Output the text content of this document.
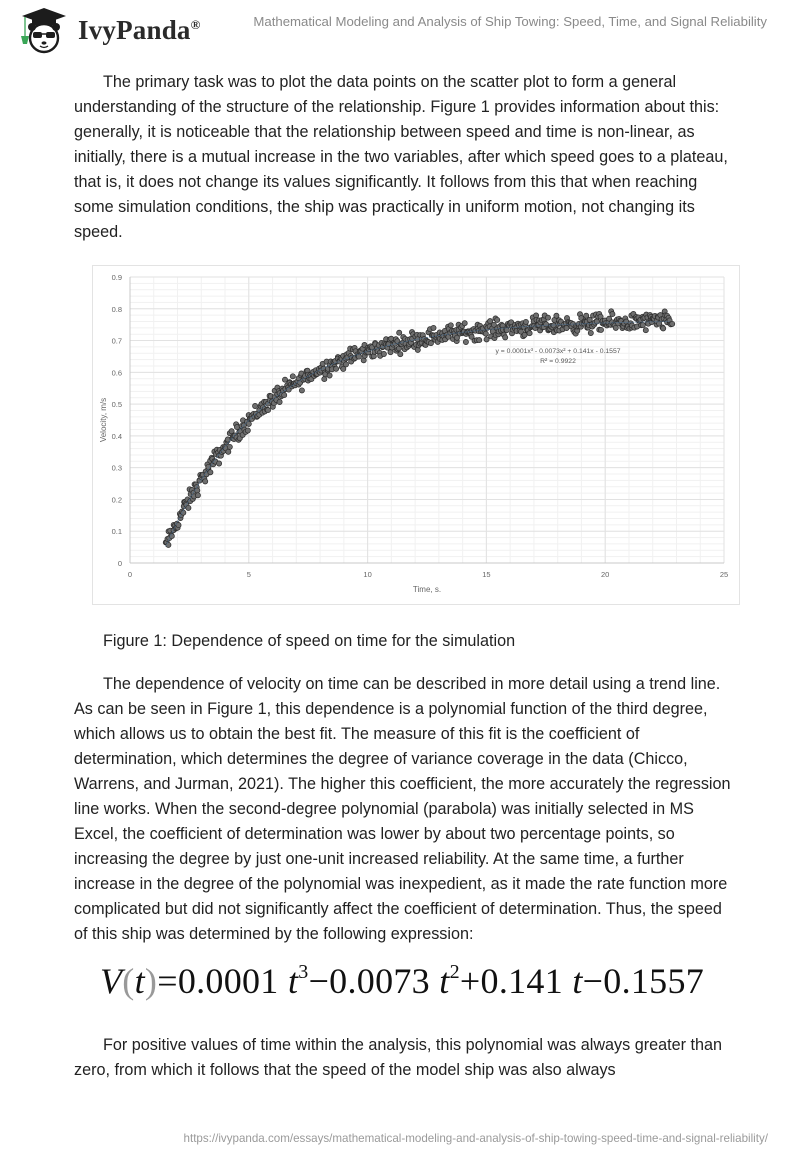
IvyPanda®	Mathematical Modeling and Analysis of Ship Towing: Speed, Time, and Signal Reliability

The primary task was to plot the data points on the scatter plot to form a general understanding of the structure of the relationship. Figure 1 provides information about this: generally, it is noticeable that the relationship between speed and time is non-linear, as initially, there is a mutual increase in the two variables, after which speed goes to a plateau, that is, it does not change its values significantly. It follows from this that when reaching some simulation conditions, the ship was practically in uniform motion, not changing its speed.

0	5	10	15	20	25
0
0.1
0.2
0.3
0.4
0.5
0.6
0.7
0.8
0.9
Time, s.
Velocity, m/s
y = 0.0001x³ - 0.0073x² + 0.141x - 0.1557
R² = 0.9922
Figure 1: Dependence of speed on time for the simulation

The dependence of velocity on time can be described in more detail using a trend line. As can be seen in Figure 1, this dependence is a polynomial function of the third degree, which allows us to obtain the best fit. The measure of this fit is the coefficient of determination, which determines the degree of variance coverage in the data (Chicco, Warrens, and Jurman, 2021). The higher this coefficient, the more accurately the regression line works. When the second-degree polynomial (parabola) was initially selected in MS Excel, the coefficient of determination was lower by about two percentage points, so increasing the degree by just one-unit increased reliability. At the same time, a further increase in the degree of the polynomial was inexpedient, as it made the rate function more complicated but did not significantly affect the coefficient of determination. Thus, the speed of this ship was determined by the following expression:

V(t)=0.0001 $t^3-0.0073$ $t^2+0.141$ t−0.1557

For positive values of time within the analysis, this polynomial was always greater than zero, from which it follows that the speed of the model ship was also always

https://ivypanda.com/essays/mathematical-modeling-and-analysis-of-ship-towing-speed-time-and-signal-reliability/
